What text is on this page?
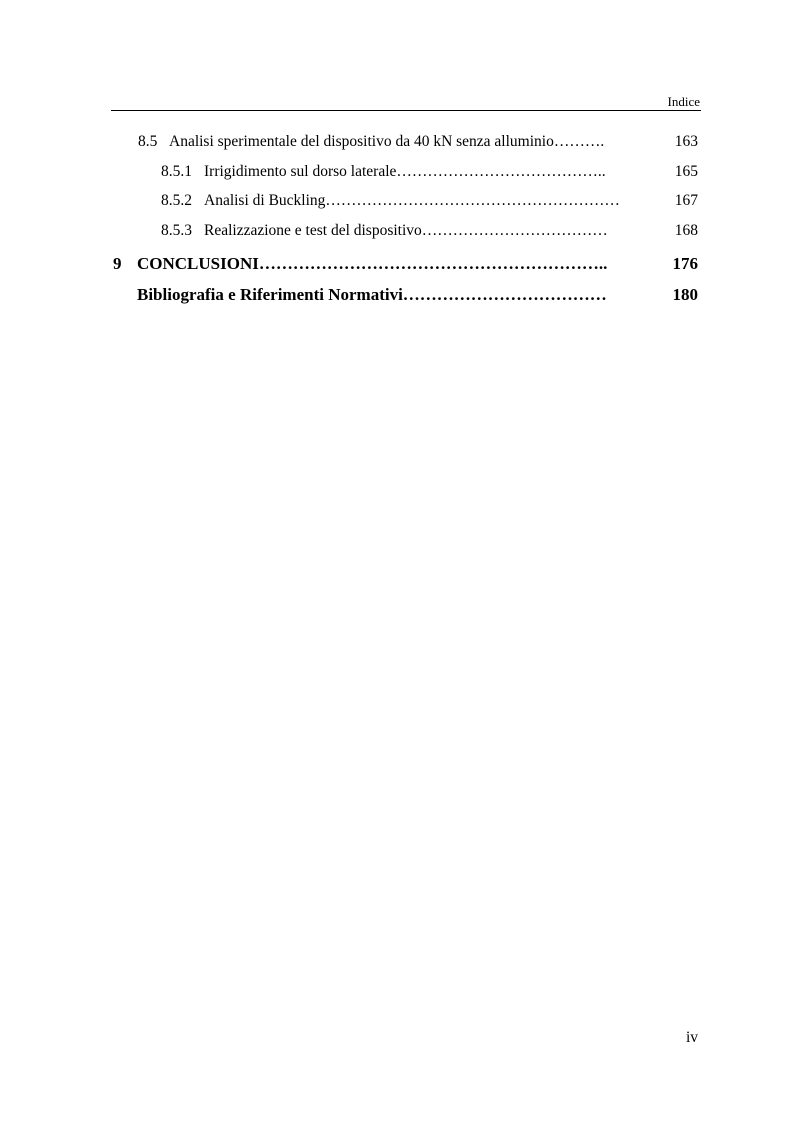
Indice
8.5 Analisi sperimentale del dispositivo da 40 kN senza alluminio……….	163
8.5.1 Irrigidimento sul dorso laterale…………………………………..	165
8.5.2 Analisi di Buckling…………………………………………………	167
8.5.3 Realizzazione e test del dispositivo………………………………	168
9 CONCLUSIONI……………………………………………………..	176
Bibliografia e Riferimenti Normativi………………………………	180
iv
